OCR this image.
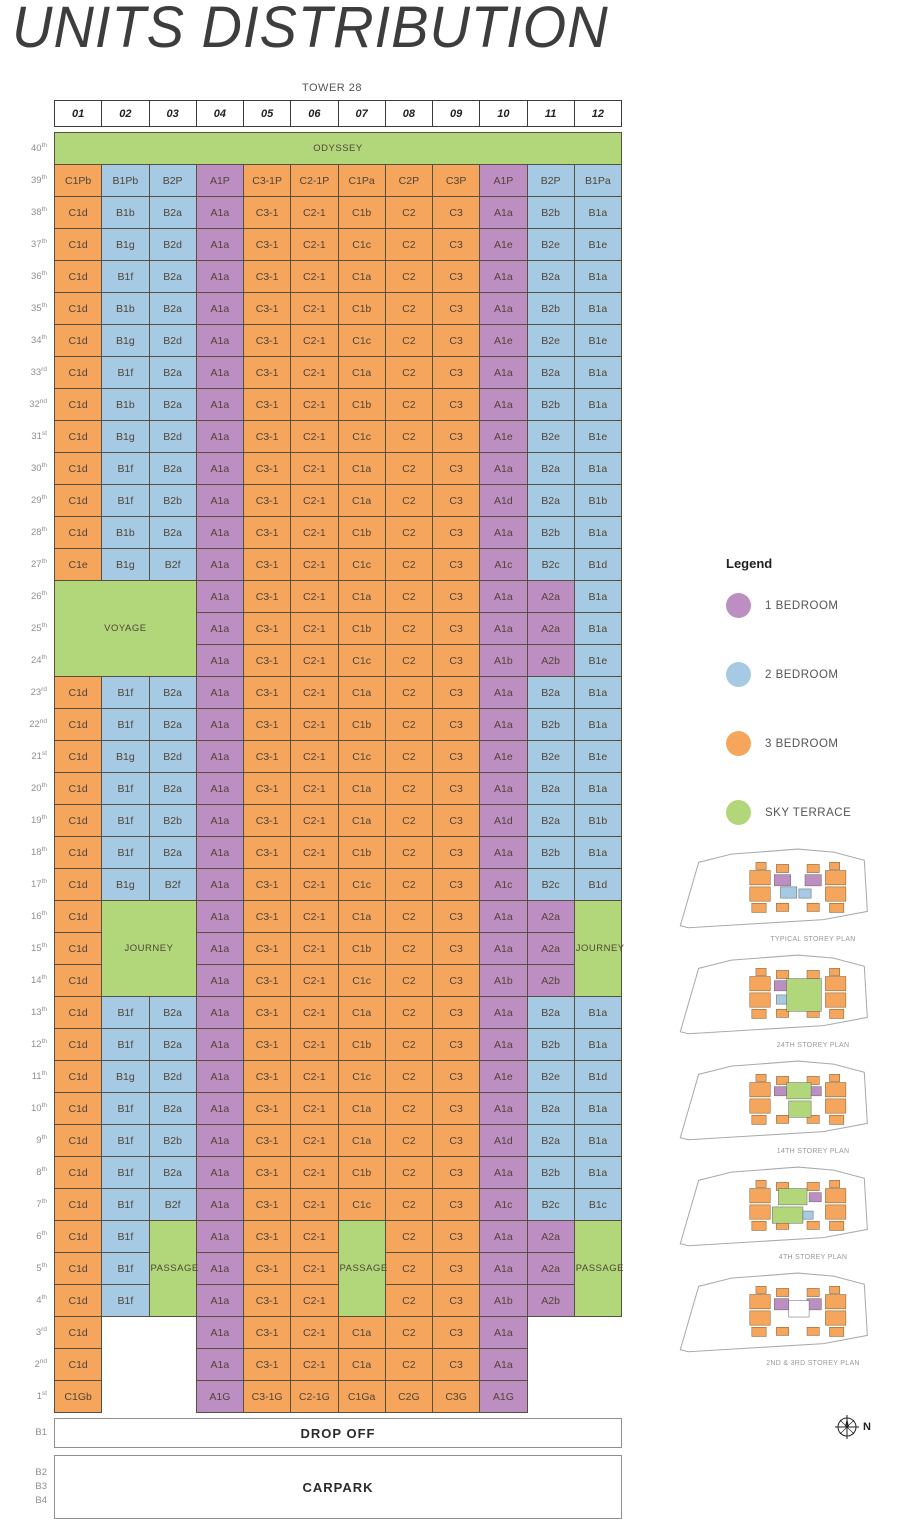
UNITS DISTRIBUTION
TOWER 28
	01	02	03	04	05	06	07	08	09	10	11	12

40th	ODYSSEY											
39th	C1Pb	B1Pb	B2P	A1P	C3-1P	C2-1P	C1Pa	C2P	C3P	A1P	B2P	B1Pa
38th	C1d	B1b	B2a	A1a	C3-1	C2-1	C1b	C2	C3	A1a	B2b	B1a
37th	C1d	B1g	B2d	A1a	C3-1	C2-1	C1c	C2	C3	A1e	B2e	B1e
36th	C1d	B1f	B2a	A1a	C3-1	C2-1	C1a	C2	C3	A1a	B2a	B1a
35th	C1d	B1b	B2a	A1a	C3-1	C2-1	C1b	C2	C3	A1a	B2b	B1a
34th	C1d	B1g	B2d	A1a	C3-1	C2-1	C1c	C2	C3	A1e	B2e	B1e
33rd	C1d	B1f	B2a	A1a	C3-1	C2-1	C1a	C2	C3	A1a	B2a	B1a
32nd	C1d	B1b	B2a	A1a	C3-1	C2-1	C1b	C2	C3	A1a	B2b	B1a
31st	C1d	B1g	B2d	A1a	C3-1	C2-1	C1c	C2	C3	A1e	B2e	B1e
30th	C1d	B1f	B2a	A1a	C3-1	C2-1	C1a	C2	C3	A1a	B2a	B1a
29th	C1d	B1f	B2b	A1a	C3-1	C2-1	C1a	C2	C3	A1d	B2a	B1b
28th	C1d	B1b	B2a	A1a	C3-1	C2-1	C1b	C2	C3	A1a	B2b	B1a
27th	C1e	B1g	B2f	A1a	C3-1	C2-1	C1c	C2	C3	A1c	B2c	B1d
26th	VOYAGE			A1a	C3-1	C2-1	C1a	C2	C3	A1a	A2a	B1a
25th				A1a	C3-1	C2-1	C1b	C2	C3	A1a	A2a	B1a
24th				A1a	C3-1	C2-1	C1c	C2	C3	A1b	A2b	B1e
23rd	C1d	B1f	B2a	A1a	C3-1	C2-1	C1a	C2	C3	A1a	B2a	B1a
22nd	C1d	B1f	B2a	A1a	C3-1	C2-1	C1b	C2	C3	A1a	B2b	B1a
21st	C1d	B1g	B2d	A1a	C3-1	C2-1	C1c	C2	C3	A1e	B2e	B1e
20th	C1d	B1f	B2a	A1a	C3-1	C2-1	C1a	C2	C3	A1a	B2a	B1a
19th	C1d	B1f	B2b	A1a	C3-1	C2-1	C1a	C2	C3	A1d	B2a	B1b
18th	C1d	B1f	B2a	A1a	C3-1	C2-1	C1b	C2	C3	A1a	B2b	B1a
17th	C1d	B1g	B2f	A1a	C3-1	C2-1	C1c	C2	C3	A1c	B2c	B1d
16th	C1d	JOURNEY		A1a	C3-1	C2-1	C1a	C2	C3	A1a	A2a	JOURNEY
15th	C1d			A1a	C3-1	C2-1	C1b	C2	C3	A1a	A2a	
14th	C1d			A1a	C3-1	C2-1	C1c	C2	C3	A1b	A2b	
13th	C1d	B1f	B2a	A1a	C3-1	C2-1	C1a	C2	C3	A1a	B2a	B1a
12th	C1d	B1f	B2a	A1a	C3-1	C2-1	C1b	C2	C3	A1a	B2b	B1a
11th	C1d	B1g	B2d	A1a	C3-1	C2-1	C1c	C2	C3	A1e	B2e	B1d
10th	C1d	B1f	B2a	A1a	C3-1	C2-1	C1a	C2	C3	A1a	B2a	B1a
9th	C1d	B1f	B2b	A1a	C3-1	C2-1	C1a	C2	C3	A1d	B2a	B1a
8th	C1d	B1f	B2a	A1a	C3-1	C2-1	C1b	C2	C3	A1a	B2b	B1a
7th	C1d	B1f	B2f	A1a	C3-1	C2-1	C1c	C2	C3	A1c	B2c	B1c
6th	C1d	B1f	PASSAGE	A1a	C3-1	C2-1	PASSAGE	C2	C3	A1a	A2a	PASSAGE
5th	C1d	B1f		A1a	C3-1	C2-1		C2	C3	A1a	A2a	
4th	C1d	B1f		A1a	C3-1	C2-1		C2	C3	A1b	A2b	
3rd	C1d			A1a	C3-1	C2-1	C1a	C2	C3	A1a		
2nd	C1d			A1a	C3-1	C2-1	C1a	C2	C3	A1a		
1st	C1Gb			A1G	C3-1G	C2-1G	C1Ga	C2G	C3G	A1G		

B1	DROP OFF											

B2
B3
B4	CARPARK											
Legend
1 BEDROOM
2 BEDROOM
3 BEDROOM
SKY TERRACE
TYPICAL STOREY PLAN
24TH STOREY PLAN
14TH STOREY PLAN
4TH STOREY PLAN
2ND & 3RD STOREY PLAN
N
